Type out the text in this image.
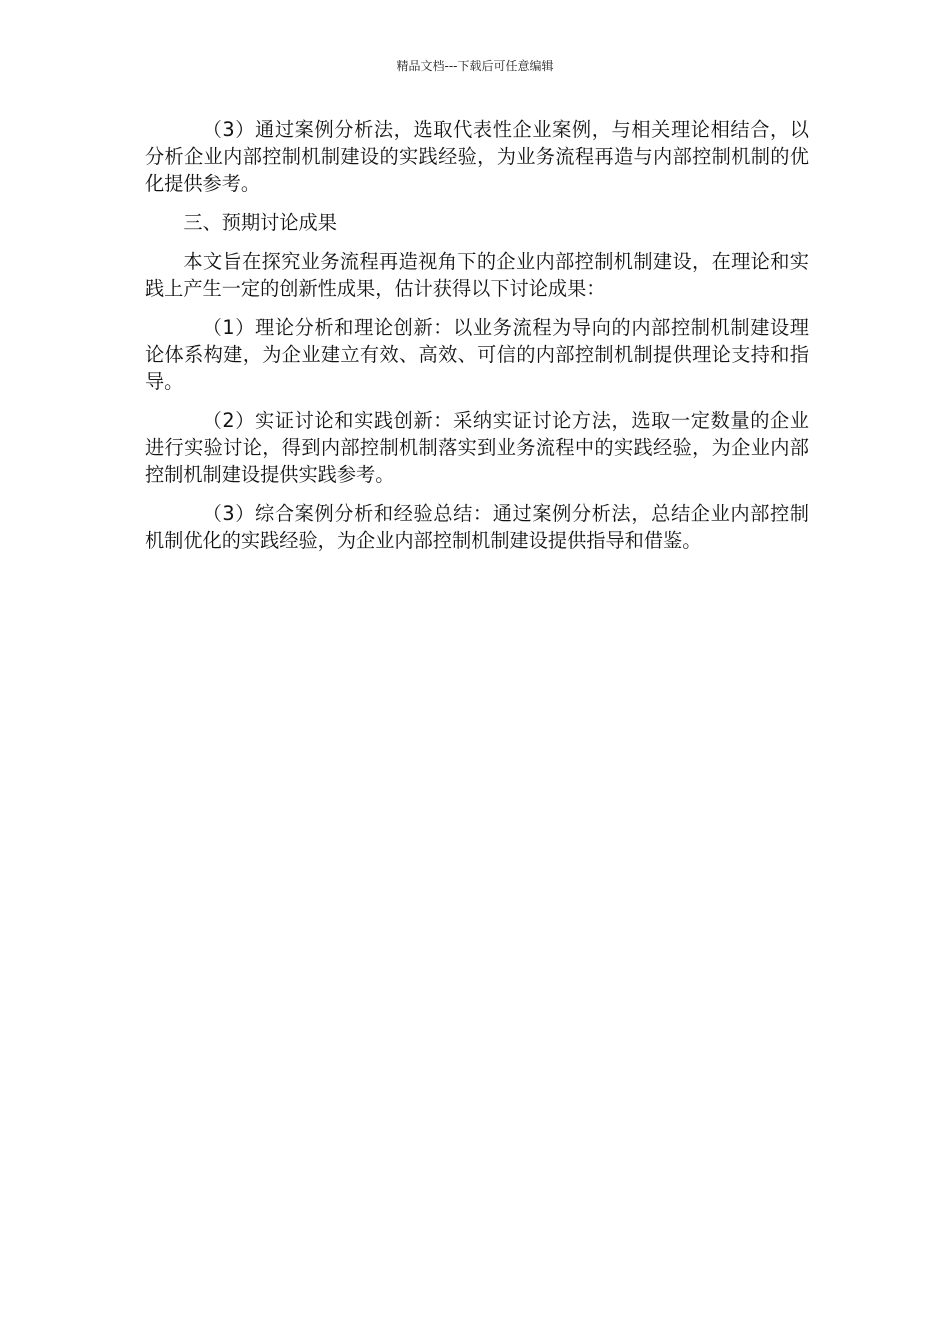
精品文档---下载后可任意编辑

（3）通过案例分析法，选取代表性企业案例，与相关理论相结合，以分析企业内部控制机制建设的实践经验，为业务流程再造与内部控制机制的优化提供参考。

三、预期讨论成果

本文旨在探究业务流程再造视角下的企业内部控制机制建设，在理论和实践上产生一定的创新性成果，估计获得以下讨论成果：

（1）理论分析和理论创新：以业务流程为导向的内部控制机制建设理论体系构建，为企业建立有效、高效、可信的内部控制机制提供理论支持和指导。

（2）实证讨论和实践创新：采纳实证讨论方法，选取一定数量的企业进行实验讨论，得到内部控制机制落实到业务流程中的实践经验，为企业内部控制机制建设提供实践参考。

（3）综合案例分析和经验总结：通过案例分析法，总结企业内部控制机制优化的实践经验，为企业内部控制机制建设提供指导和借鉴。
